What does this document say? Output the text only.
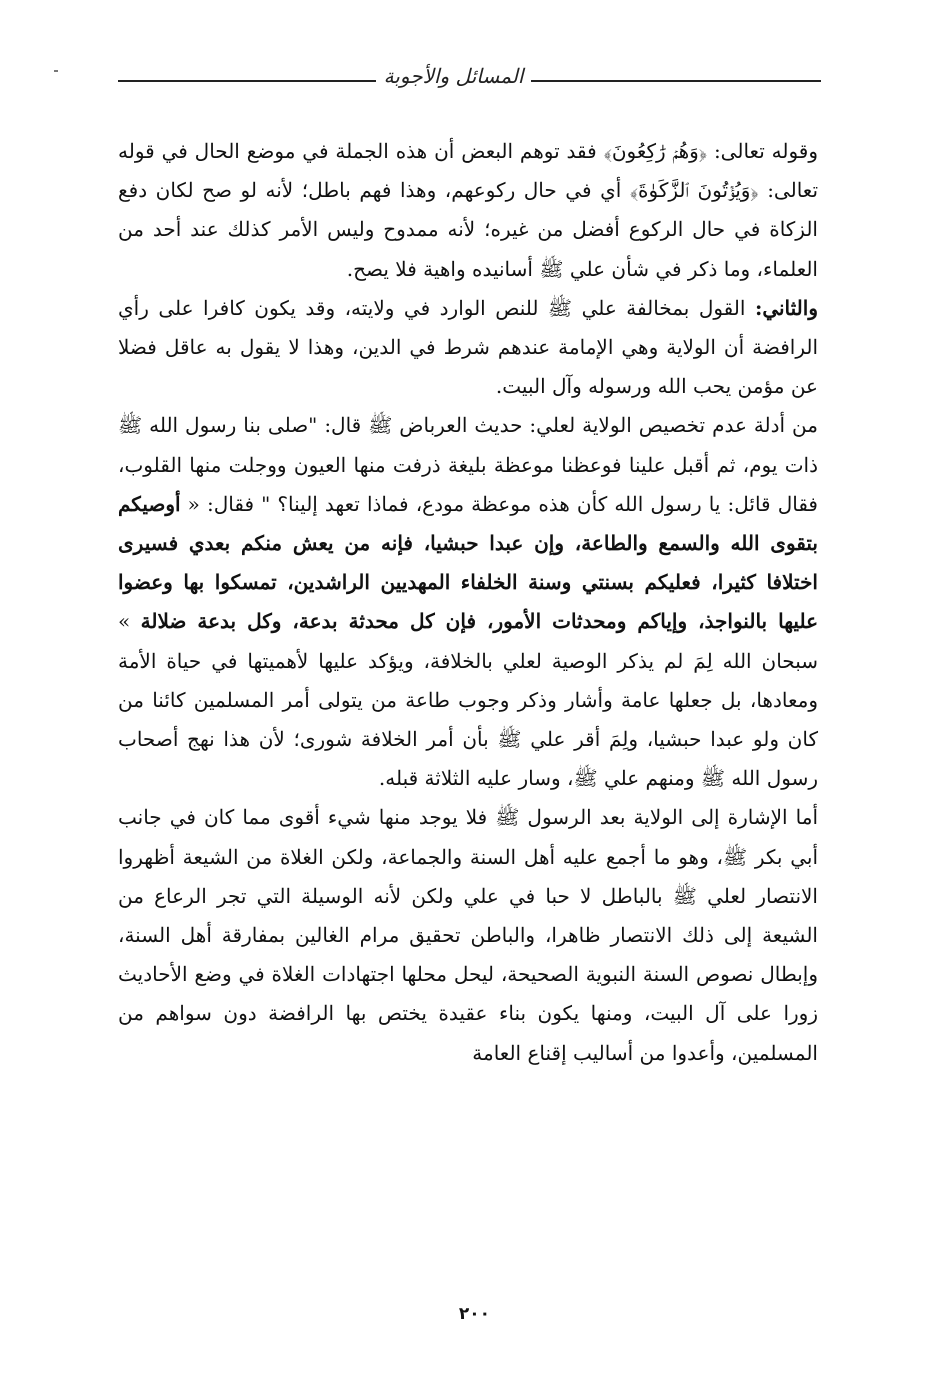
المسائل والأجوبة

وقوله تعالى: ﴿وَهُمۡ رَٰكِعُونَ﴾ فقد توهم البعض أن هذه الجملة في موضع الحال في قوله تعالى: ﴿وَيُؤۡتُونَ ٱلزَّكَوٰةَ﴾ أي في حال ركوعهم، وهذا فهم باطل؛ لأنه لو صح لكان دفع الزكاة في حال الركوع أفضل من غيره؛ لأنه ممدوح وليس الأمر كذلك عند أحد من العلماء، وما ذكر في شأن علي ﷺ أسانيده واهية فلا يصح.

والثاني: القول بمخالفة علي ﷺ للنص الوارد في ولايته، وقد يكون كافرا على رأي الرافضة أن الولاية وهي الإمامة عندهم شرط في الدين، وهذا لا يقول به عاقل فضلا عن مؤمن يحب الله ورسوله وآل البيت.

من أدلة عدم تخصيص الولاية لعلي: حديث العرباض ﷺ قال: "صلى بنا رسول الله ﷺ ذات يوم، ثم أقبل علينا فوعظنا موعظة بليغة ذرفت منها العيون ووجلت منها القلوب، فقال قائل: يا رسول الله كأن هذه موعظة مودع، فماذا تعهد إلينا؟ " فقال: « أوصيكم بتقوى الله والسمع والطاعة، وإن عبدا حبشيا، فإنه من يعش منكم بعدي فسيرى اختلافا كثيرا، فعليكم بسنتي وسنة الخلفاء المهديين الراشدين، تمسكوا بها وعضوا عليها بالنواجذ، وإياكم ومحدثات الأمور، فإن كل محدثة بدعة، وكل بدعة ضلالة » سبحان الله لِمَ لم يذكر الوصية لعلي بالخلافة، ويؤكد عليها لأهميتها في حياة الأمة ومعادها، بل جعلها عامة وأشار وذكر وجوب طاعة من يتولى أمر المسلمين كائنا من كان ولو عبدا حبشيا، ولِمَ أقر علي ﷺ بأن أمر الخلافة شورى؛ لأن هذا نهج أصحاب رسول الله ﷺ ومنهم علي ﷺ، وسار عليه الثلاثة قبله.

أما الإشارة إلى الولاية بعد الرسول ﷺ فلا يوجد منها شيء أقوى مما كان في جانب أبي بكر ﷺ، وهو ما أجمع عليه أهل السنة والجماعة، ولكن الغلاة من الشيعة أظهروا الانتصار لعلي ﷺ بالباطل لا حبا في علي ولكن لأنه الوسيلة التي تجر الرعاع من الشيعة إلى ذلك الانتصار ظاهرا، والباطن تحقيق مرام الغالين بمفارقة أهل السنة، وإبطال نصوص السنة النبوية الصحيحة، ليحل محلها اجتهادات الغلاة في وضع الأحاديث زورا على آل البيت، ومنها يكون بناء عقيدة يختص بها الرافضة دون سواهم من المسلمين، وأعدوا من أساليب إقناع العامة

٢٠٠
